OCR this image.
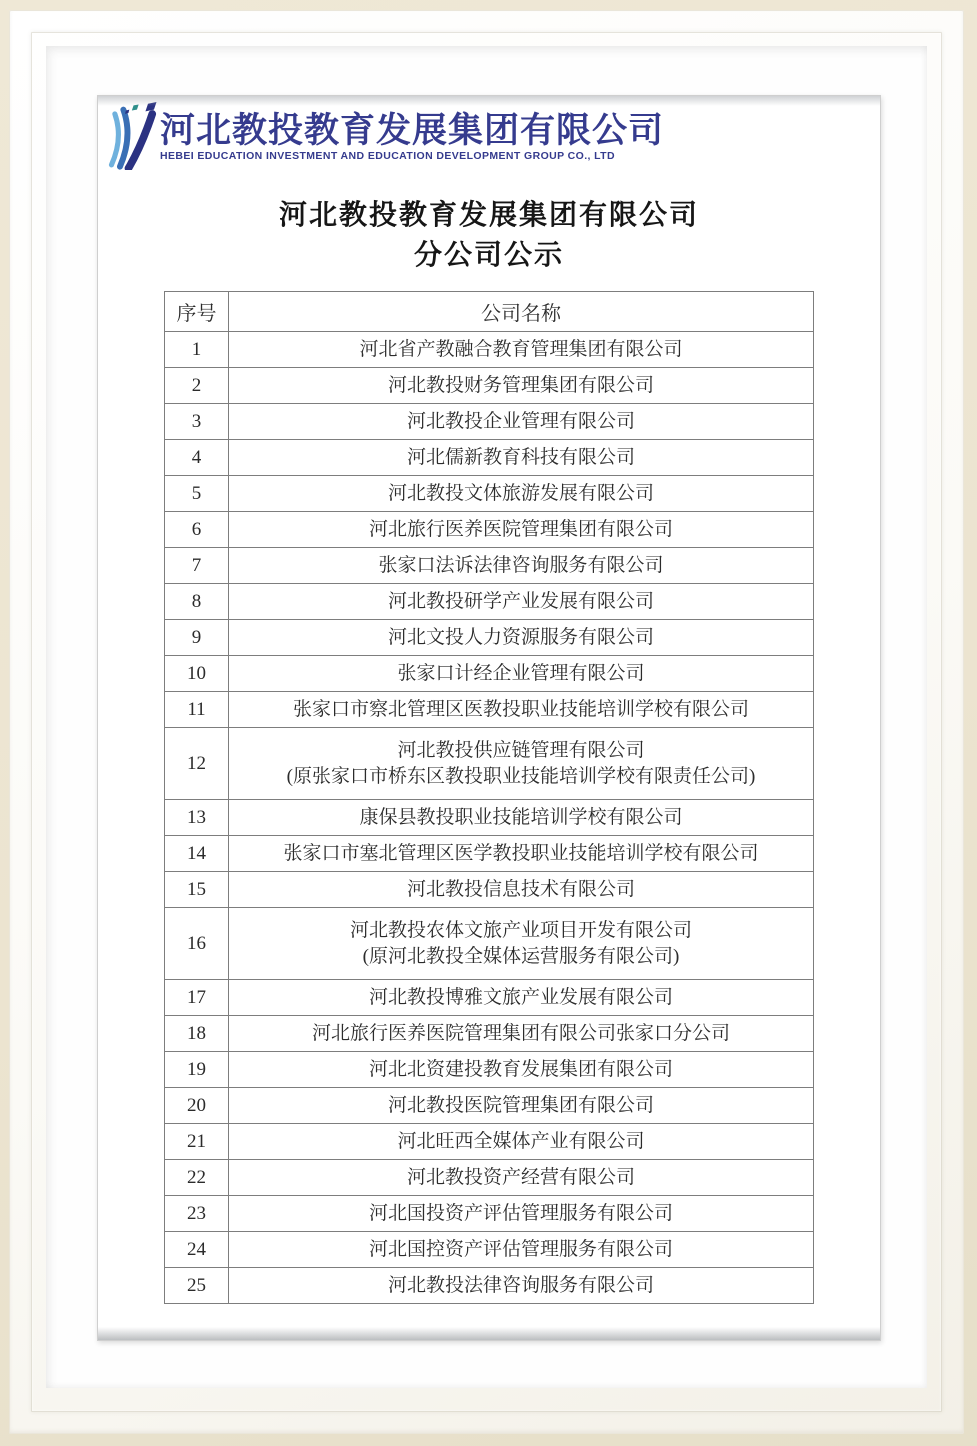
河北教投教育发展集团有限公司
HEBEI EDUCATION INVESTMENT AND EDUCATION DEVELOPMENT GROUP CO., LTD
河北教投教育发展集团有限公司
分公司公示
序号	公司名称
1	河北省产教融合教育管理集团有限公司

2	河北教投财务管理集团有限公司

3	河北教投企业管理有限公司

4	河北儒新教育科技有限公司

5	河北教投文体旅游发展有限公司

6	河北旅行医养医院管理集团有限公司

7	张家口法诉法律咨询服务有限公司

8	河北教投研学产业发展有限公司

9	河北文投人力资源服务有限公司

10	张家口计经企业管理有限公司

11	张家口市察北管理区医教投职业技能培训学校有限公司

12	河北教投供应链管理有限公司
(原张家口市桥东区教投职业技能培训学校有限责任公司)

13	康保县教投职业技能培训学校有限公司

14	张家口市塞北管理区医学教投职业技能培训学校有限公司

15	河北教投信息技术有限公司

16	河北教投农体文旅产业项目开发有限公司
(原河北教投全媒体运营服务有限公司)

17	河北教投博雅文旅产业发展有限公司

18	河北旅行医养医院管理集团有限公司张家口分公司

19	河北北资建投教育发展集团有限公司

20	河北教投医院管理集团有限公司

21	河北旺西全媒体产业有限公司

22	河北教投资产经营有限公司

23	河北国投资产评估管理服务有限公司

24	河北国控资产评估管理服务有限公司

25	河北教投法律咨询服务有限公司
